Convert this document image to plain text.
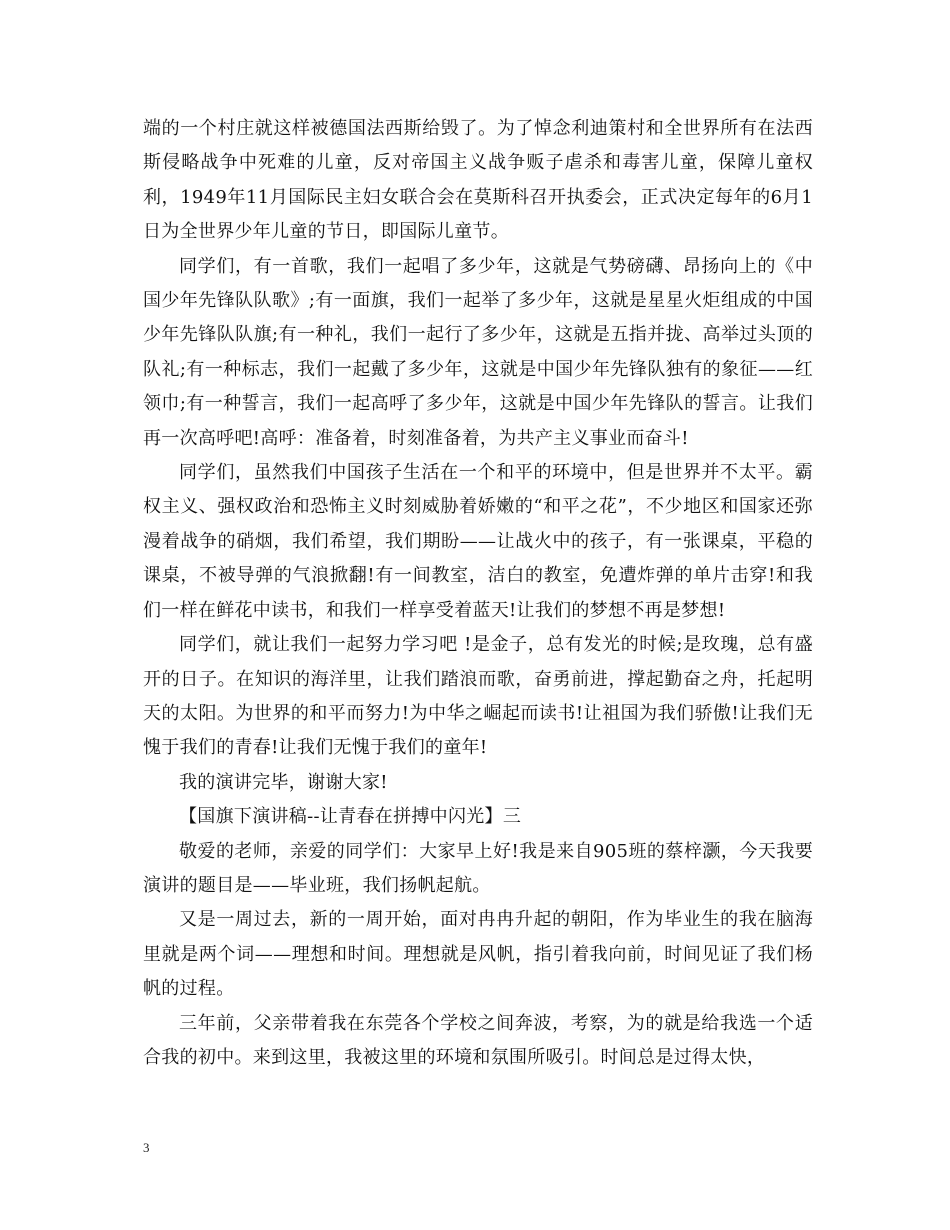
端的一个村庄就这样被德国法西斯给毁了。为了悼念利迪策村和全世界所有在法西斯侵略战争中死难的儿童，反对帝国主义战争贩子虐杀和毒害儿童，保障儿童权利，1949年11月国际民主妇女联合会在莫斯科召开执委会，正式决定每年的6月1日为全世界少年儿童的节日，即国际儿童节。

同学们，有一首歌，我们一起唱了多少年，这就是气势磅礴、昂扬向上的《中国少年先锋队队歌》;有一面旗，我们一起举了多少年，这就是星星火炬组成的中国少年先锋队队旗;有一种礼，我们一起行了多少年，这就是五指并拢、高举过头顶的队礼;有一种标志，我们一起戴了多少年，这就是中国少年先锋队独有的象征——红领巾;有一种誓言，我们一起高呼了多少年，这就是中国少年先锋队的誓言。让我们再一次高呼吧!高呼：准备着，时刻准备着，为共产主义事业而奋斗!

同学们，虽然我们中国孩子生活在一个和平的环境中，但是世界并不太平。霸权主义、强权政治和恐怖主义时刻威胁着娇嫩的“和平之花”，不少地区和国家还弥漫着战争的硝烟，我们希望，我们期盼——让战火中的孩子，有一张课桌，平稳的课桌，不被导弹的气浪掀翻!有一间教室，洁白的教室，免遭炸弹的单片击穿!和我们一样在鲜花中读书，和我们一样享受着蓝天!让我们的梦想不再是梦想!

同学们，就让我们一起努力学习吧 !是金子，总有发光的时候;是玫瑰，总有盛开的日子。在知识的海洋里，让我们踏浪而歌，奋勇前进，撑起勤奋之舟，托起明天的太阳。为世界的和平而努力!为中华之崛起而读书!让祖国为我们骄傲!让我们无愧于我们的青春!让我们无愧于我们的童年!

我的演讲完毕，谢谢大家!

【国旗下演讲稿--让青春在拼搏中闪光】三

敬爱的老师，亲爱的同学们：大家早上好!我是来自905班的蔡梓灏，今天我要演讲的题目是——毕业班，我们扬帆起航。

又是一周过去，新的一周开始，面对冉冉升起的朝阳，作为毕业生的我在脑海里就是两个词——理想和时间。理想就是风帆，指引着我向前，时间见证了我们杨帆的过程。

三年前，父亲带着我在东莞各个学校之间奔波，考察，为的就是给我选一个适合我的初中。来到这里，我被这里的环境和氛围所吸引。时间总是过得太快，

3
